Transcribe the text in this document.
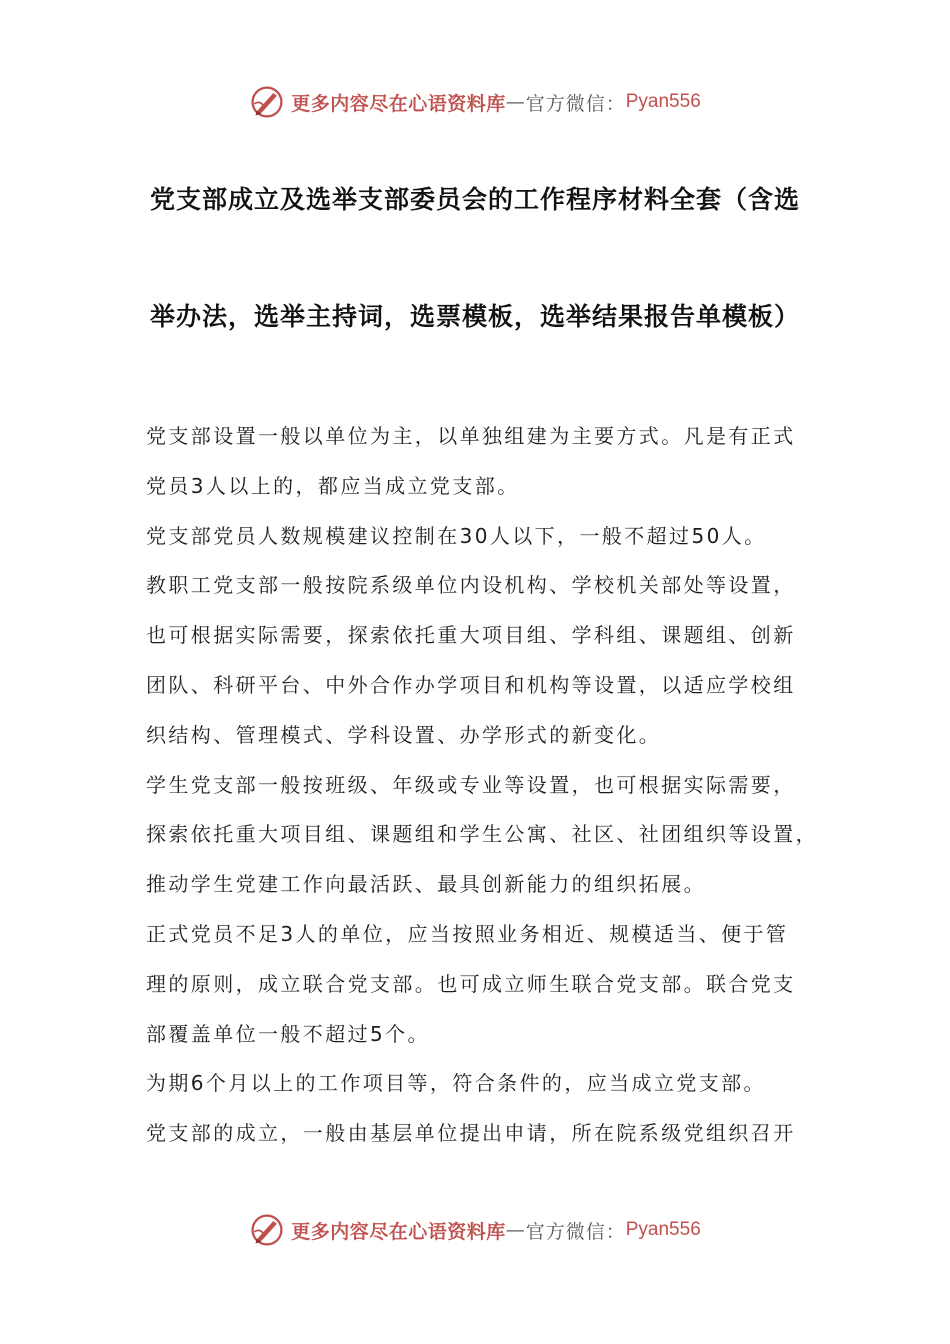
更多内容尽在心语资料库 — 官方微信： Pyan556
党支部成立及选举支部委员会的工作程序材料全套（含选
举办法，选举主持词，选票模板，选举结果报告单模板）

党支部设置一般以单位为主，以单独组建为主要方式。凡是有正式

党员3人以上的，都应当成立党支部。

党支部党员人数规模建议控制在30人以下，一般不超过50人。

教职工党支部一般按院系级单位内设机构、学校机关部处等设置，

也可根据实际需要，探索依托重大项目组、学科组、课题组、创新

团队、科研平台、中外合作办学项目和机构等设置，以适应学校组

织结构、管理模式、学科设置、办学形式的新变化。

学生党支部一般按班级、年级或专业等设置，也可根据实际需要，

探索依托重大项目组、课题组和学生公寓、社区、社团组织等设置，

推动学生党建工作向最活跃、最具创新能力的组织拓展。

正式党员不足3人的单位，应当按照业务相近、规模适当、便于管

理的原则，成立联合党支部。也可成立师生联合党支部。联合党支

部覆盖单位一般不超过5个。

为期6个月以上的工作项目等，符合条件的，应当成立党支部。

党支部的成立，一般由基层单位提出申请，所在院系级党组织召开

更多内容尽在心语资料库 — 官方微信： Pyan556
